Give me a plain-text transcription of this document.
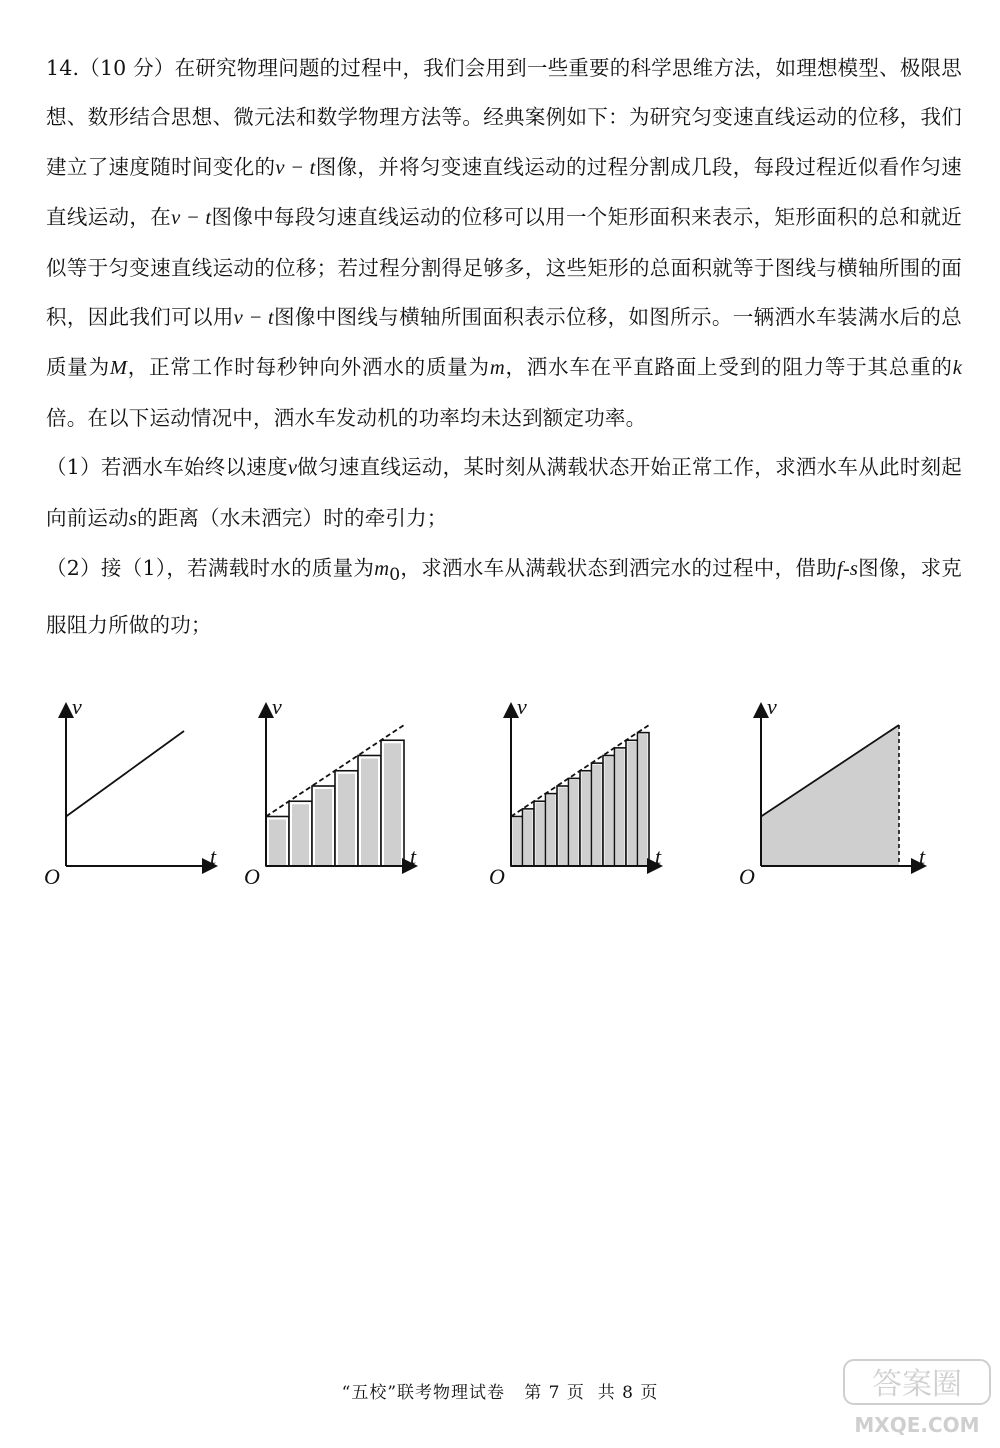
14.（10 分）在研究物理问题的过程中，我们会用到一些重要的科学思维方法，如理想模型、极限思想、数形结合思想、微元法和数学物理方法等。经典案例如下：为研究匀变速直线运动的位移，我们建立了速度随时间变化的v − t图像，并将匀变速直线运动的过程分割成几段，每段过程近似看作匀速直线运动，在v − t图像中每段匀速直线运动的位移可以用一个矩形面积来表示，矩形面积的总和就近似等于匀变速直线运动的位移；若过程分割得足够多，这些矩形的总面积就等于图线与横轴所围的面积，因此我们可以用v − t图像中图线与横轴所围面积表示位移，如图所示。一辆洒水车装满水后的总质量为M，正常工作时每秒钟向外洒水的质量为m，洒水车在平直路面上受到的阻力等于其总重的k倍。在以下运动情况中，洒水车发动机的功率均未达到额定功率。

（1）若洒水车始终以速度v做匀速直线运动，某时刻从满载状态开始正常工作，求洒水车从此时刻起向前运动s的距离（水未洒完）时的牵引力；

（2）接（1），若满载时水的质量为$m_0$，求洒水车从满载状态到洒完水的过程中，借助f-s图像，求克服阻力所做的功；

v
t
O
v
t
O
v
t
O
v
t
O
“五校”联考物理试卷   第 7 页  共 8 页	答案圈
MXQE.COM
